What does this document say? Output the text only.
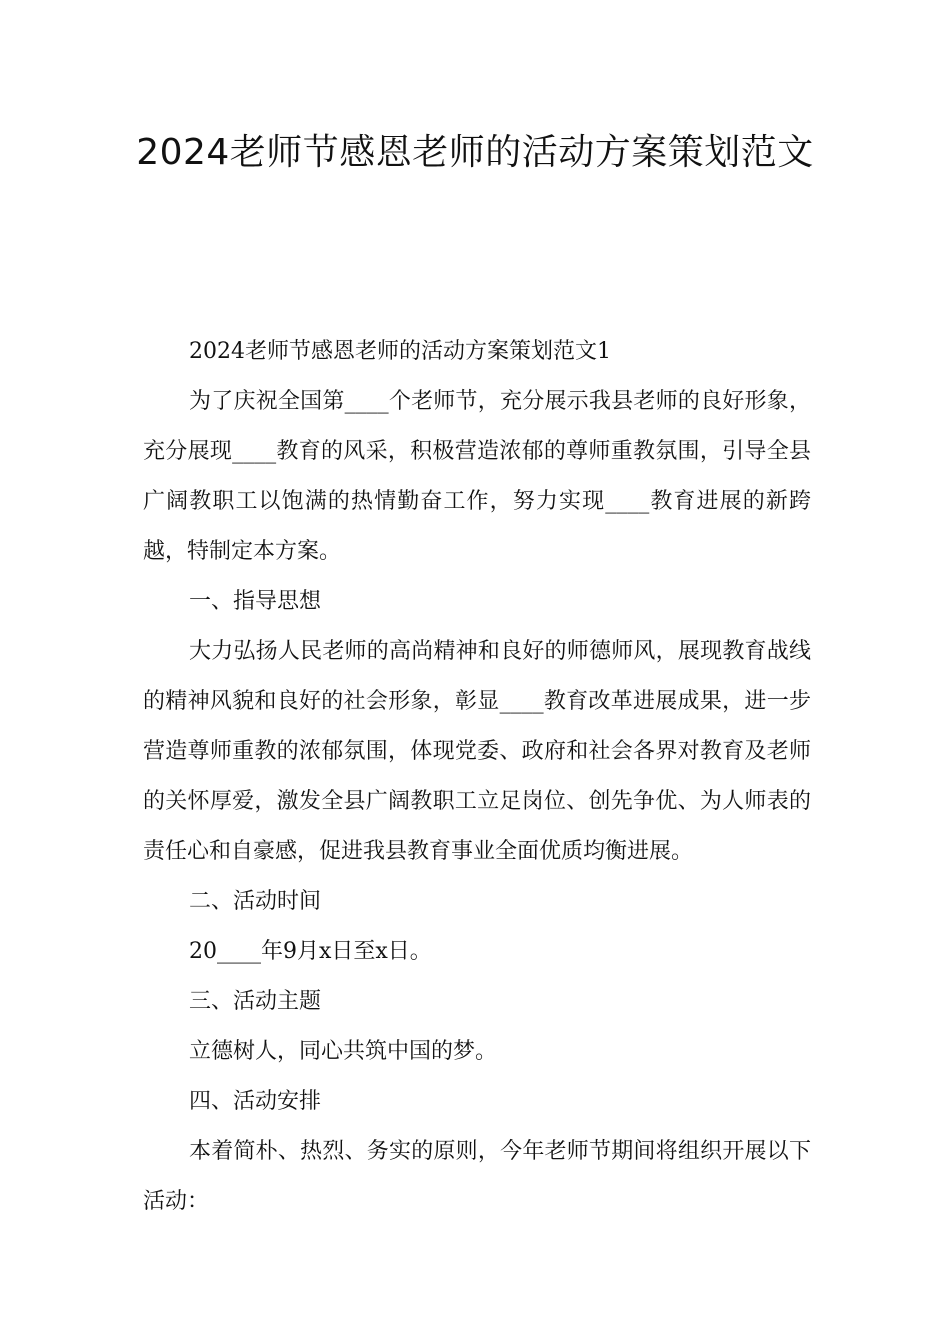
2024老师节感恩老师的活动方案策划范文

2024老师节感恩老师的活动方案策划范文1

为了庆祝全国第____个老师节，充分展示我县老师的良好形象，充分展现____教育的风采，积极营造浓郁的尊师重教氛围，引导全县广阔教职工以饱满的热情勤奋工作，努力实现____教育进展的新跨越，特制定本方案。

一、指导思想

大力弘扬人民老师的高尚精神和良好的师德师风，展现教育战线的精神风貌和良好的社会形象，彰显____教育改革进展成果，进一步营造尊师重教的浓郁氛围，体现党委、政府和社会各界对教育及老师的关怀厚爱，激发全县广阔教职工立足岗位、创先争优、为人师表的责任心和自豪感，促进我县教育事业全面优质均衡进展。

二、活动时间

20____年9月x日至x日。

三、活动主题

立德树人，同心共筑中国的梦。

四、活动安排

本着简朴、热烈、务实的原则，今年老师节期间将组织开展以下活动：
